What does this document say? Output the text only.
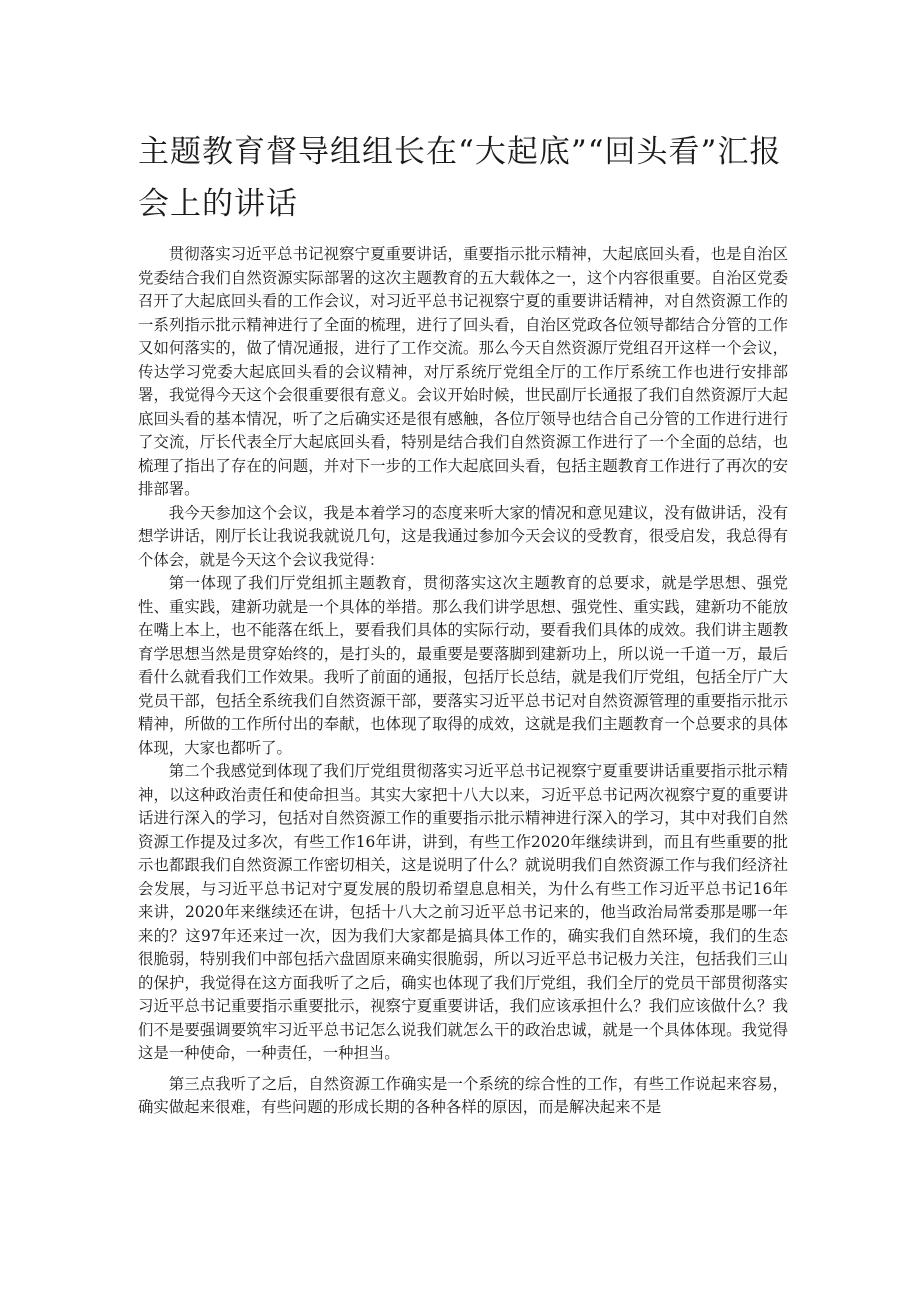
主题教育督导组组长在“大起底”“回头看”汇报会上的讲话

贯彻落实习近平总书记视察宁夏重要讲话，重要指示批示精神，大起底回头看，也是自治区党委结合我们自然资源实际部署的这次主题教育的五大载体之一，这个内容很重要。自治区党委召开了大起底回头看的工作会议，对习近平总书记视察宁夏的重要讲话精神，对自然资源工作的一系列指示批示精神进行了全面的梳理，进行了回头看，自治区党政各位领导都结合分管的工作又如何落实的，做了情况通报，进行了工作交流。那么今天自然资源厅党组召开这样一个会议，传达学习党委大起底回头看的会议精神，对厅系统厅党组全厅的工作厅系统工作也进行安排部署，我觉得今天这个会很重要很有意义。会议开始时候，世民副厅长通报了我们自然资源厅大起底回头看的基本情况，听了之后确实还是很有感触，各位厅领导也结合自己分管的工作进行进行了交流，厅长代表全厅大起底回头看，特别是结合我们自然资源工作进行了一个全面的总结，也梳理了指出了存在的问题，并对下一步的工作大起底回头看，包括主题教育工作进行了再次的安排部署。

我今天参加这个会议，我是本着学习的态度来听大家的情况和意见建议，没有做讲话，没有想学讲话，刚厅长让我说我就说几句，这是我通过参加今天会议的受教育，很受启发，我总得有个体会，就是今天这个会议我觉得：

第一体现了我们厅党组抓主题教育，贯彻落实这次主题教育的总要求，就是学思想、强党性、重实践，建新功就是一个具体的举措。那么我们讲学思想、强党性、重实践，建新功不能放在嘴上本上，也不能落在纸上，要看我们具体的实际行动，要看我们具体的成效。我们讲主题教育学思想当然是贯穿始终的，是打头的，最重要是要落脚到建新功上，所以说一千道一万，最后看什么就看我们工作效果。我听了前面的通报，包括厅长总结，就是我们厅党组，包括全厅广大党员干部，包括全系统我们自然资源干部，要落实习近平总书记对自然资源管理的重要指示批示精神，所做的工作所付出的奉献，也体现了取得的成效，这就是我们主题教育一个总要求的具体体现，大家也都听了。

第二个我感觉到体现了我们厅党组贯彻落实习近平总书记视察宁夏重要讲话重要指示批示精神，以这种政治责任和使命担当。其实大家把十八大以来，习近平总书记两次视察宁夏的重要讲话进行深入的学习，包括对自然资源工作的重要指示批示精神进行深入的学习，其中对我们自然资源工作提及过多次，有些工作16年讲，讲到，有些工作2020年继续讲到，而且有些重要的批示也都跟我们自然资源工作密切相关，这是说明了什么？就说明我们自然资源工作与我们经济社会发展，与习近平总书记对宁夏发展的殷切希望息息相关，为什么有些工作习近平总书记16年来讲，2020年来继续还在讲，包括十八大之前习近平总书记来的，他当政治局常委那是哪一年来的？这97年还来过一次，因为我们大家都是搞具体工作的，确实我们自然环境，我们的生态很脆弱，特别我们中部包括六盘固原来确实很脆弱，所以习近平总书记极力关注，包括我们三山的保护，我觉得在这方面我听了之后，确实也体现了我们厅党组，我们全厅的党员干部贯彻落实习近平总书记重要指示重要批示，视察宁夏重要讲话，我们应该承担什么？我们应该做什么？我们不是要强调要筑牢习近平总书记怎么说我们就怎么干的政治忠诚，就是一个具体体现。我觉得这是一种使命，一种责任，一种担当。

第三点我听了之后，自然资源工作确实是一个系统的综合性的工作，有些工作说起来容易，确实做起来很难，有些问题的形成长期的各种各样的原因，而是解决起来不是
